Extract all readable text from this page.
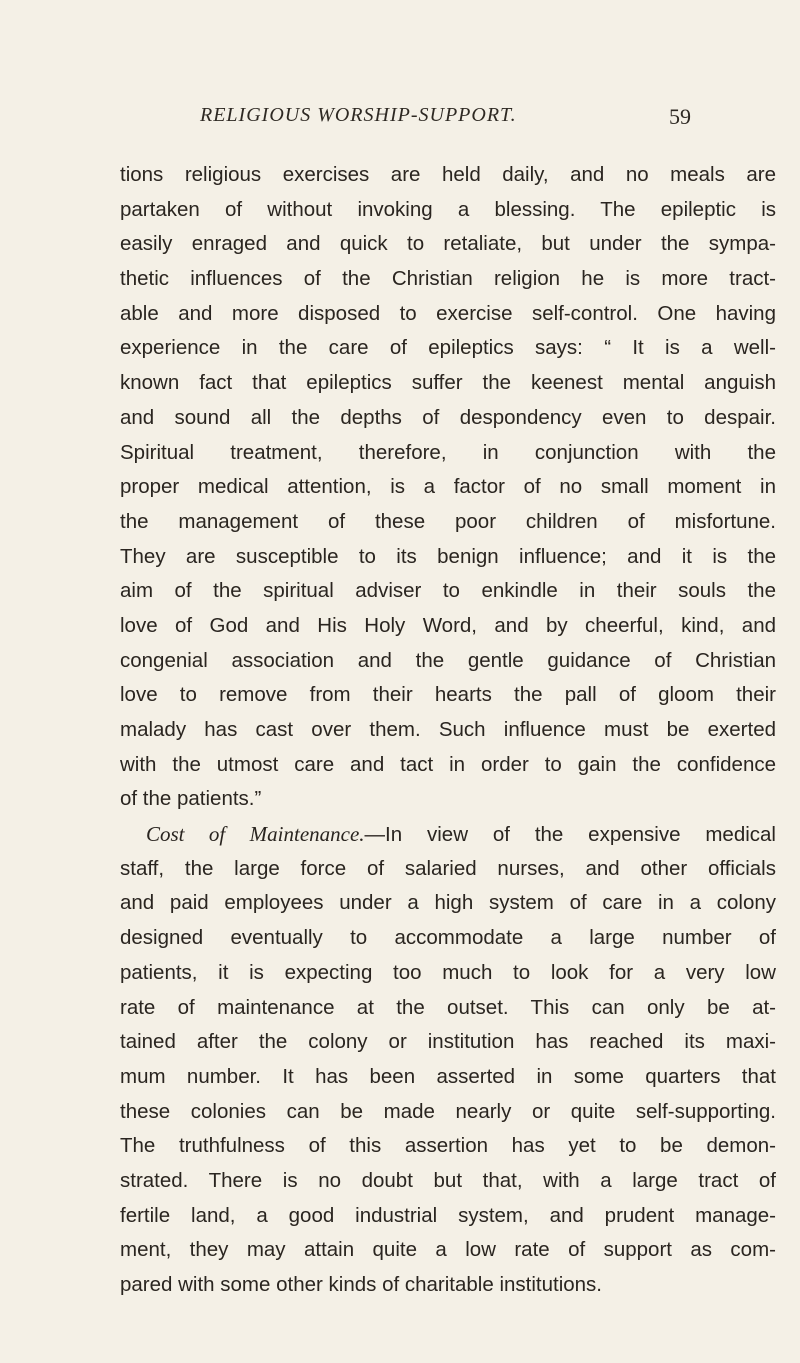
RELIGIOUS WORSHIP-SUPPORT.	59
tions religious exercises are held daily, and no meals are
partaken of without invoking a blessing. The epileptic is
easily enraged and quick to retaliate, but under the sympa-
thetic influences of the Christian religion he is more tract-
able and more disposed to exercise self-control. One having
experience in the care of epileptics says: “ It is a well-
known fact that epileptics suffer the keenest mental anguish
and sound all the depths of despondency even to despair.
Spiritual treatment, therefore, in conjunction with the
proper medical attention, is a factor of no small moment in
the management of these poor children of misfortune.
They are susceptible to its benign influence; and it is the
aim of the spiritual adviser to enkindle in their souls the
love of God and His Holy Word, and by cheerful, kind, and
congenial association and the gentle guidance of Christian
love to remove from their hearts the pall of gloom their
malady has cast over them. Such influence must be exerted
with the utmost care and tact in order to gain the confidence
of the patients.”
Cost of Maintenance.—In view of the expensive medical
staff, the large force of salaried nurses, and other officials
and paid employees under a high system of care in a colony
designed eventually to accommodate a large number of
patients, it is expecting too much to look for a very low
rate of maintenance at the outset. This can only be at-
tained after the colony or institution has reached its maxi-
mum number. It has been asserted in some quarters that
these colonies can be made nearly or quite self-supporting.
The truthfulness of this assertion has yet to be demon-
strated. There is no doubt but that, with a large tract of
fertile land, a good industrial system, and prudent manage-
ment, they may attain quite a low rate of support as com-
pared with some other kinds of charitable institutions.
